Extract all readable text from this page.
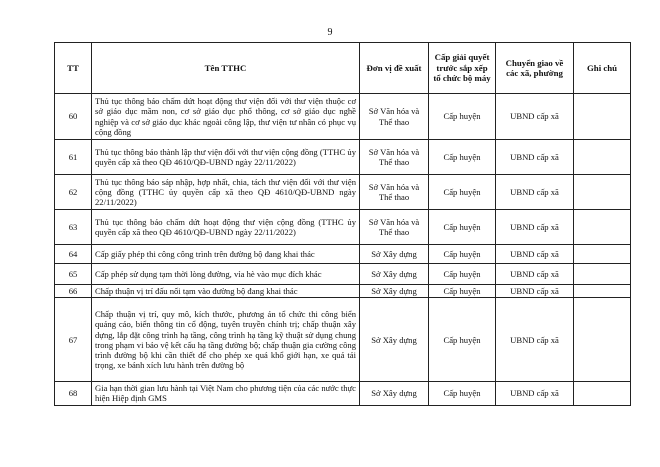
9
TT	Tên TTHC	Đơn vị đề xuất	Cấp giải quyết trước sắp xếp tổ chức bộ máy	Chuyển giao về các xã, phường	Ghi chú
60	Thủ tục thông báo chấm dứt hoạt động thư viện đối với thư viện thuộc cơ sở giáo dục mầm non, cơ sở giáo dục phổ thông, cơ sở giáo dục nghề nghiệp và cơ sở giáo dục khác ngoài công lập, thư viện tư nhân có phục vụ cộng đồng	Sở Văn hóa và Thể thao	Cấp huyện	UBND cấp xã	
61	Thủ tục thông báo thành lập thư viện đối với thư viện cộng đồng (TTHC ủy quyền cấp xã theo QĐ 4610/QĐ-UBND ngày 22/11/2022)	Sở Văn hóa và Thể thao	Cấp huyện	UBND cấp xã	
62	Thủ tục thông báo sáp nhập, hợp nhất, chia, tách thư viện đối với thư viện cộng đồng (TTHC ủy quyền cấp xã theo QĐ 4610/QĐ-UBND ngày 22/11/2022)	Sở Văn hóa và Thể thao	Cấp huyện	UBND cấp xã	
63	Thủ tục thông báo chấm dứt hoạt động thư viện cộng đồng (TTHC ủy quyền cấp xã theo QĐ 4610/QĐ-UBND ngày 22/11/2022)	Sở Văn hóa và Thể thao	Cấp huyện	UBND cấp xã	
64	Cấp giấy phép thi công công trình trên đường bộ đang khai thác	Sở Xây dựng	Cấp huyện	UBND cấp xã	
65	Cấp phép sử dụng tạm thời lòng đường, vỉa hè vào mục đích khác	Sở Xây dựng	Cấp huyện	UBND cấp xã	
66	Chấp thuận vị trí đấu nối tạm vào đường bộ đang khai thác	Sở Xây dựng	Cấp huyện	UBND cấp xã	
67	Chấp thuận vị trí, quy mô, kích thước, phương án tổ chức thi công biển quảng cáo, biển thông tin cổ động, tuyên truyền chính trị; chấp thuận xây dựng, lắp đặt công trình hạ tầng, công trình hạ tầng kỹ thuật sử dụng chung trong phạm vi bảo vệ kết cấu hạ tầng đường bộ; chấp thuận gia cường công trình đường bộ khi cần thiết để cho phép xe quá khổ giới hạn, xe quá tải trọng, xe bánh xích lưu hành trên đường bộ	Sở Xây dựng	Cấp huyện	UBND cấp xã	
68	Gia hạn thời gian lưu hành tại Việt Nam cho phương tiện của các nước thực hiện Hiệp định GMS	Sở Xây dựng	Cấp huyện	UBND cấp xã	
